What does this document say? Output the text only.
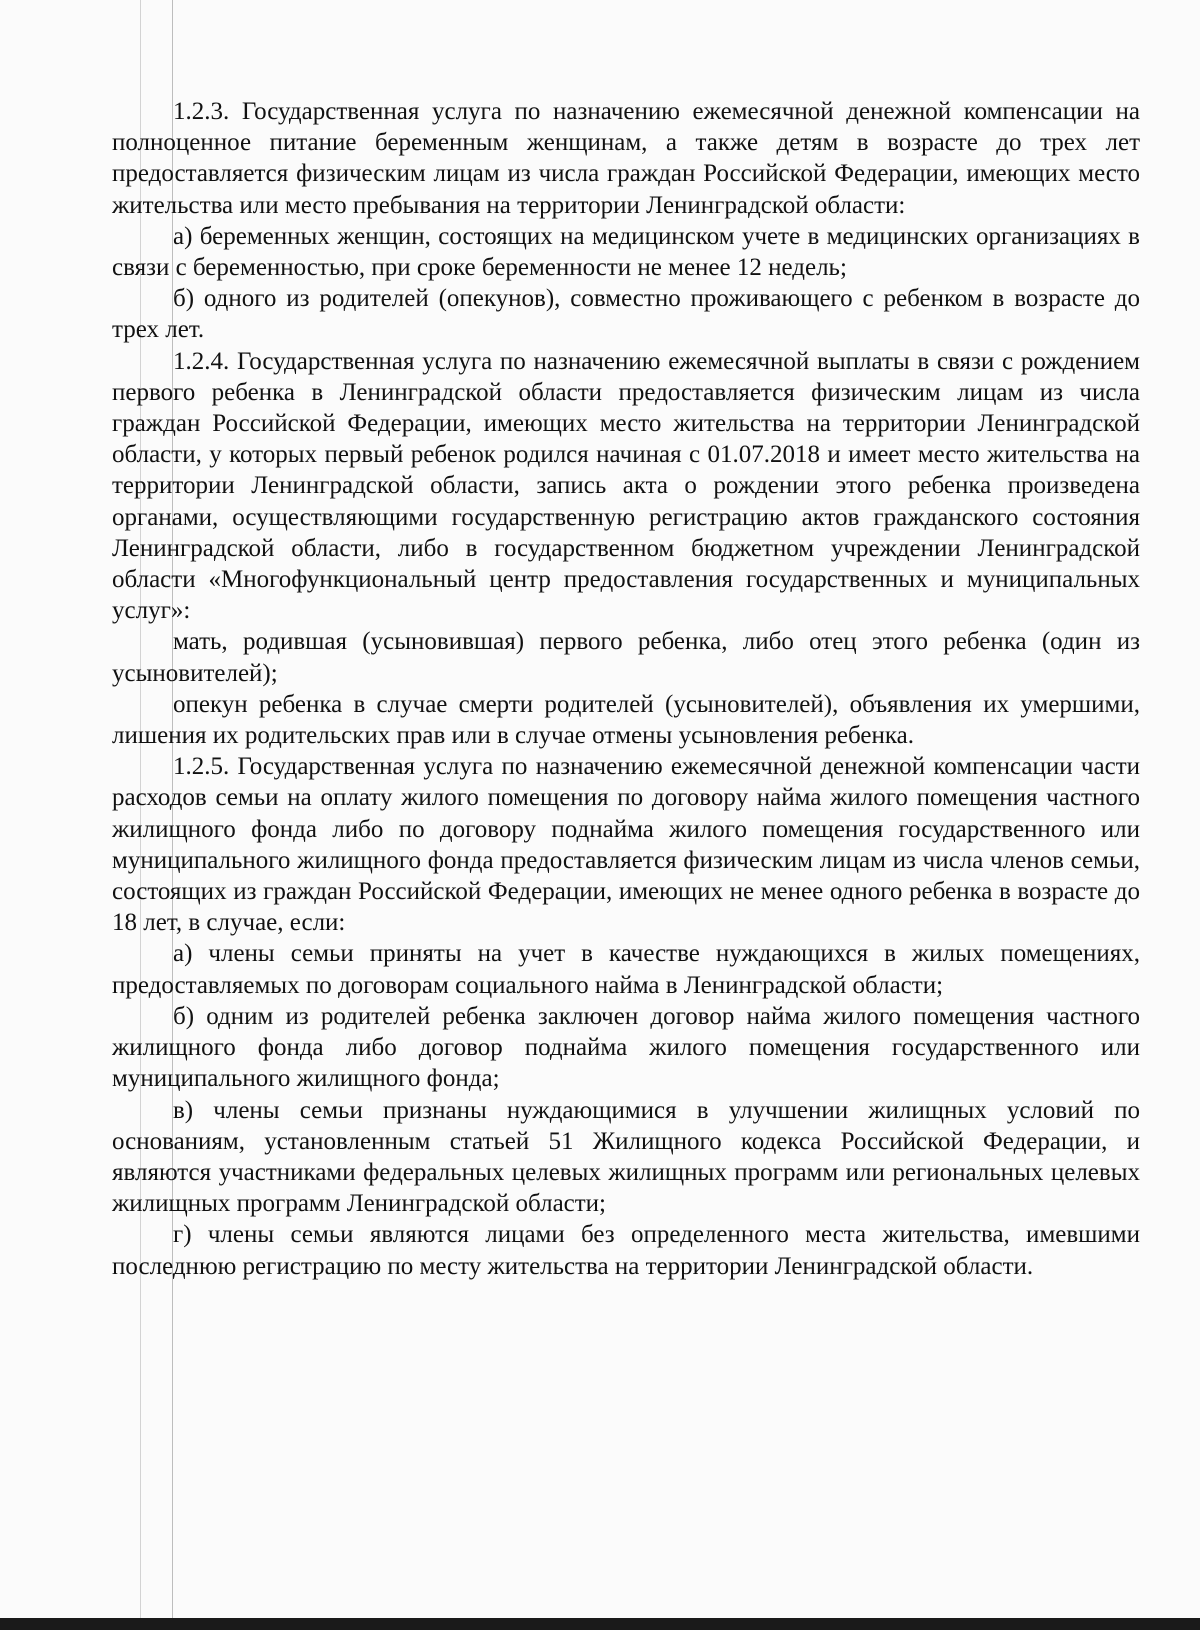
1.2.3. Государственная услуга по назначению ежемесячной денежной компенсации на полноценное питание беременным женщинам, а также детям в возрасте до трех лет предоставляется физическим лицам из числа граждан Российской Федерации, имеющих место жительства или место пребывания на территории Ленинградской области:

а) беременных женщин, состоящих на медицинском учете в медицинских организациях в связи с беременностью, при сроке беременности не менее 12 недель;

б) одного из родителей (опекунов), совместно проживающего с ребенком в возрасте до трех лет.

1.2.4. Государственная услуга по назначению ежемесячной выплаты в связи с рождением первого ребенка в Ленинградской области предоставляется физическим лицам из числа граждан Российской Федерации, имеющих место жительства на территории Ленинградской области, у которых первый ребенок родился начиная с 01.07.2018 и имеет место жительства на территории Ленинградской области, запись акта о рождении этого ребенка произведена органами, осуществляющими государственную регистрацию актов гражданского состояния Ленинградской области, либо в государственном бюджетном учреждении Ленинградской области «Многофункциональный центр предоставления государственных и муниципальных услуг»:

мать, родившая (усыновившая) первого ребенка, либо отец этого ребенка (один из усыновителей);

опекун ребенка в случае смерти родителей (усыновителей), объявления их умершими, лишения их родительских прав или в случае отмены усыновления ребенка.

1.2.5. Государственная услуга по назначению ежемесячной денежной компенсации части расходов семьи на оплату жилого помещения по договору найма жилого помещения частного жилищного фонда либо по договору поднайма жилого помещения государственного или муниципального жилищного фонда предоставляется физическим лицам из числа членов семьи, состоящих из граждан Российской Федерации, имеющих не менее одного ребенка в возрасте до 18 лет, в случае, если:

а) члены семьи приняты на учет в качестве нуждающихся в жилых помещениях, предоставляемых по договорам социального найма в Ленинградской области;

б) одним из родителей ребенка заключен договор найма жилого помещения частного жилищного фонда либо договор поднайма жилого помещения государственного или муниципального жилищного фонда;

в) члены семьи признаны нуждающимися в улучшении жилищных условий по основаниям, установленным статьей 51 Жилищного кодекса Российской Федерации, и являются участниками федеральных целевых жилищных программ или региональных целевых жилищных программ Ленинградской области;

г) члены семьи являются лицами без определенного места жительства, имевшими последнюю регистрацию по месту жительства на территории Ленинградской области.
